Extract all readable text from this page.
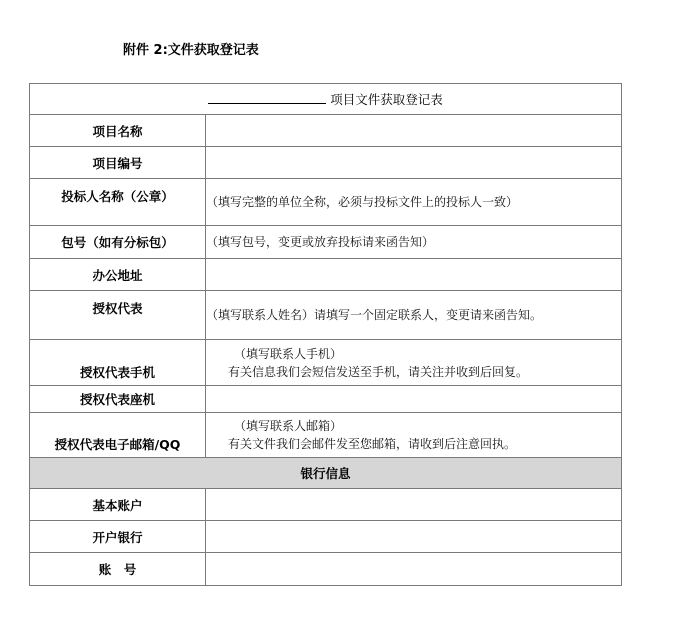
附件 2:文件获取登记表
项目文件获取登记表	
项目名称	
项目编号	
投标人名称（公章）	（填写完整的单位全称，必须与投标文件上的投标人一致）
包号（如有分标包）	（填写包号，变更或放弃投标请来函告知）
办公地址	
授权代表	（填写联系人姓名）请填写一个固定联系人，变更请来函告知。
授权代表手机	（填写联系人手机）
有关信息我们会短信发送至手机，请关注并收到后回复。

授权代表座机	
授权代表电子邮箱/QQ	（填写联系人邮箱）
有关文件我们会邮件发至您邮箱，请收到后注意回执。

银行信息	
基本账户	
开户银行	
账　号	
